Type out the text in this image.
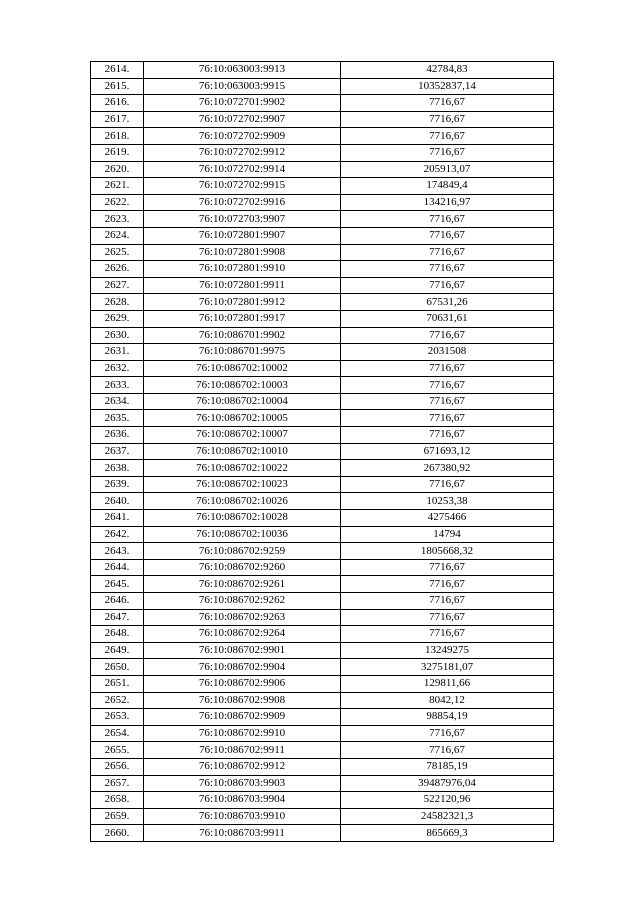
2614.	76:10:063003:9913	42784,83
2615.	76:10:063003:9915	10352837,14
2616.	76:10:072701:9902	7716,67
2617.	76:10:072702:9907	7716,67
2618.	76:10:072702:9909	7716,67
2619.	76:10:072702:9912	7716,67
2620.	76:10:072702:9914	205913,07
2621.	76:10:072702:9915	174849,4
2622.	76:10:072702:9916	134216,97
2623.	76:10:072703:9907	7716,67
2624.	76:10:072801:9907	7716,67
2625.	76:10:072801:9908	7716,67
2626.	76:10:072801:9910	7716,67
2627.	76:10:072801:9911	7716,67
2628.	76:10:072801:9912	67531,26
2629.	76:10:072801:9917	70631,61
2630.	76:10:086701:9902	7716,67
2631.	76:10:086701:9975	2031508
2632.	76:10:086702:10002	7716,67
2633.	76:10:086702:10003	7716,67
2634.	76:10:086702:10004	7716,67
2635.	76:10:086702:10005	7716,67
2636.	76:10:086702:10007	7716,67
2637.	76:10:086702:10010	671693,12
2638.	76:10:086702:10022	267380,92
2639.	76:10:086702:10023	7716,67
2640.	76:10:086702:10026	10253,38
2641.	76:10:086702:10028	4275466
2642.	76:10:086702:10036	14794
2643.	76:10:086702:9259	1805668,32
2644.	76:10:086702:9260	7716,67
2645.	76:10:086702:9261	7716,67
2646.	76:10:086702:9262	7716,67
2647.	76:10:086702:9263	7716,67
2648.	76:10:086702:9264	7716,67
2649.	76:10:086702:9901	13249275
2650.	76:10:086702:9904	3275181,07
2651.	76:10:086702:9906	129811,66
2652.	76:10:086702:9908	8042,12
2653.	76:10:086702:9909	98854,19
2654.	76:10:086702:9910	7716,67
2655.	76:10:086702:9911	7716,67
2656.	76:10:086702:9912	78185,19
2657.	76:10:086703:9903	39487976,04
2658.	76:10:086703:9904	522120,96
2659.	76:10:086703:9910	24582321,3
2660.	76:10:086703:9911	865669,3
